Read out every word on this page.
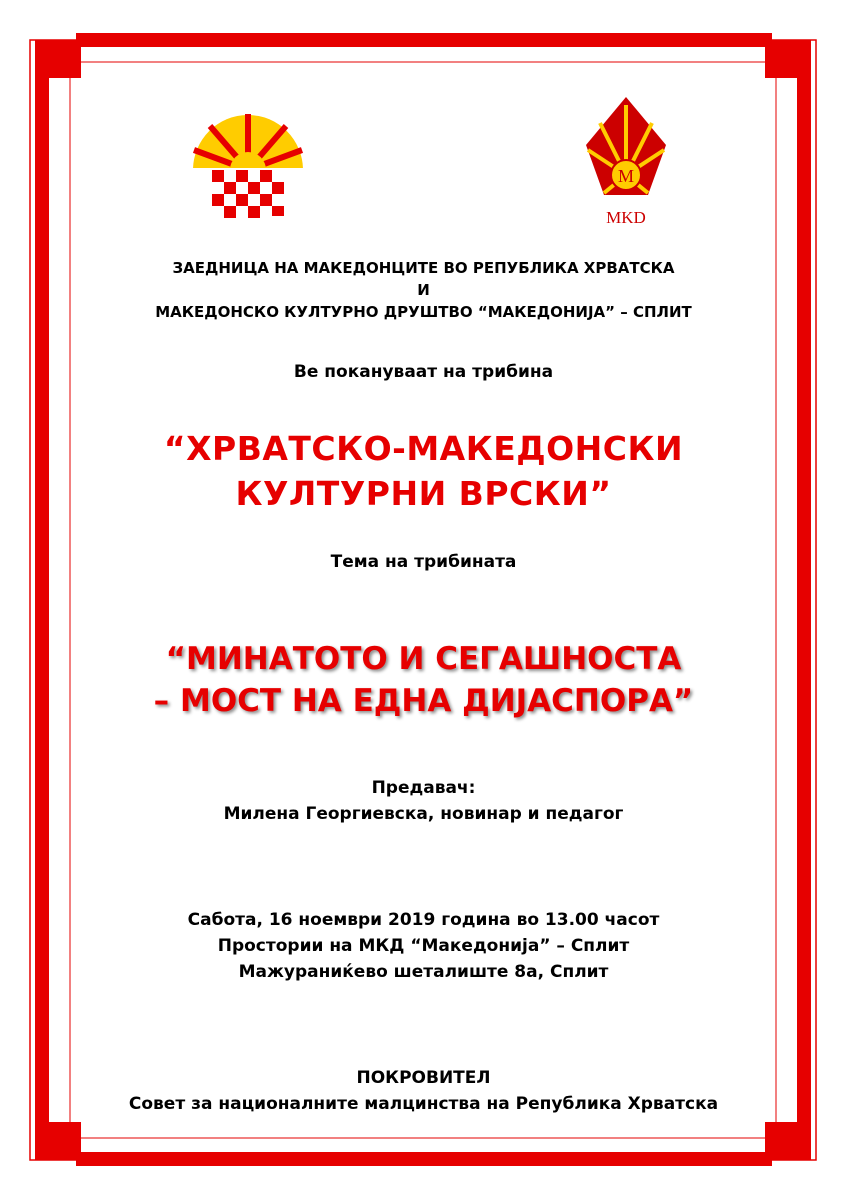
M
MKD
ЗАЕДНИЦА НА МАКЕДОНЦИТЕ ВО РЕПУБЛИКА ХРВАТСКА
И
МАКЕДОНСКО КУЛТУРНО ДРУШТВО “МАКЕДОНИЈА” – СПЛИТ
Ве покануваат на трибина
“ХРВАТСКО-МАКЕДОНСКИ
КУЛТУРНИ ВРСКИ”
Тема на трибината
“МИНАТОТО И СЕГАШНОСТА
– МОСТ НА ЕДНА ДИЈАСПОРА”
Предавач:
Милена Георгиевска, новинар и педагог
Сабота, 16 ноември 2019 година во 13.00 часот
Простории на МКД “Македонија” – Сплит
Мажураниќево шеталиште 8а, Сплит
ПОКРОВИТЕЛ
Совет за националните малцинства на Република Хрватска
